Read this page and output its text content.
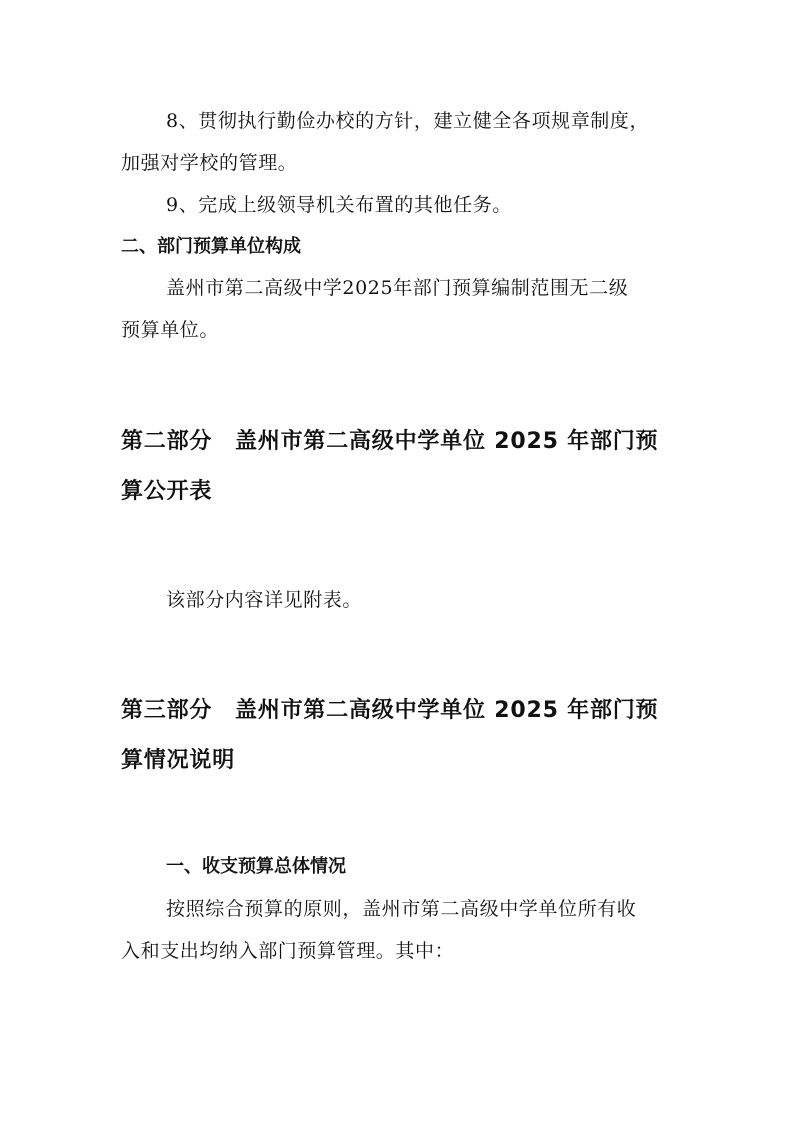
8、贯彻执行勤俭办校的方针，建立健全各项规章制度，

加强对学校的管理。

9、完成上级领导机关布置的其他任务。

二、部门预算单位构成

盖州市第二高级中学2025年部门预算编制范围无二级

预算单位。

第二部分　盖州市第二高级中学单位 2025 年部门预

算公开表

该部分内容详见附表。

第三部分　盖州市第二高级中学单位 2025 年部门预

算情况说明

一、收支预算总体情况

按照综合预算的原则，盖州市第二高级中学单位所有收

入和支出均纳入部门预算管理。其中：
